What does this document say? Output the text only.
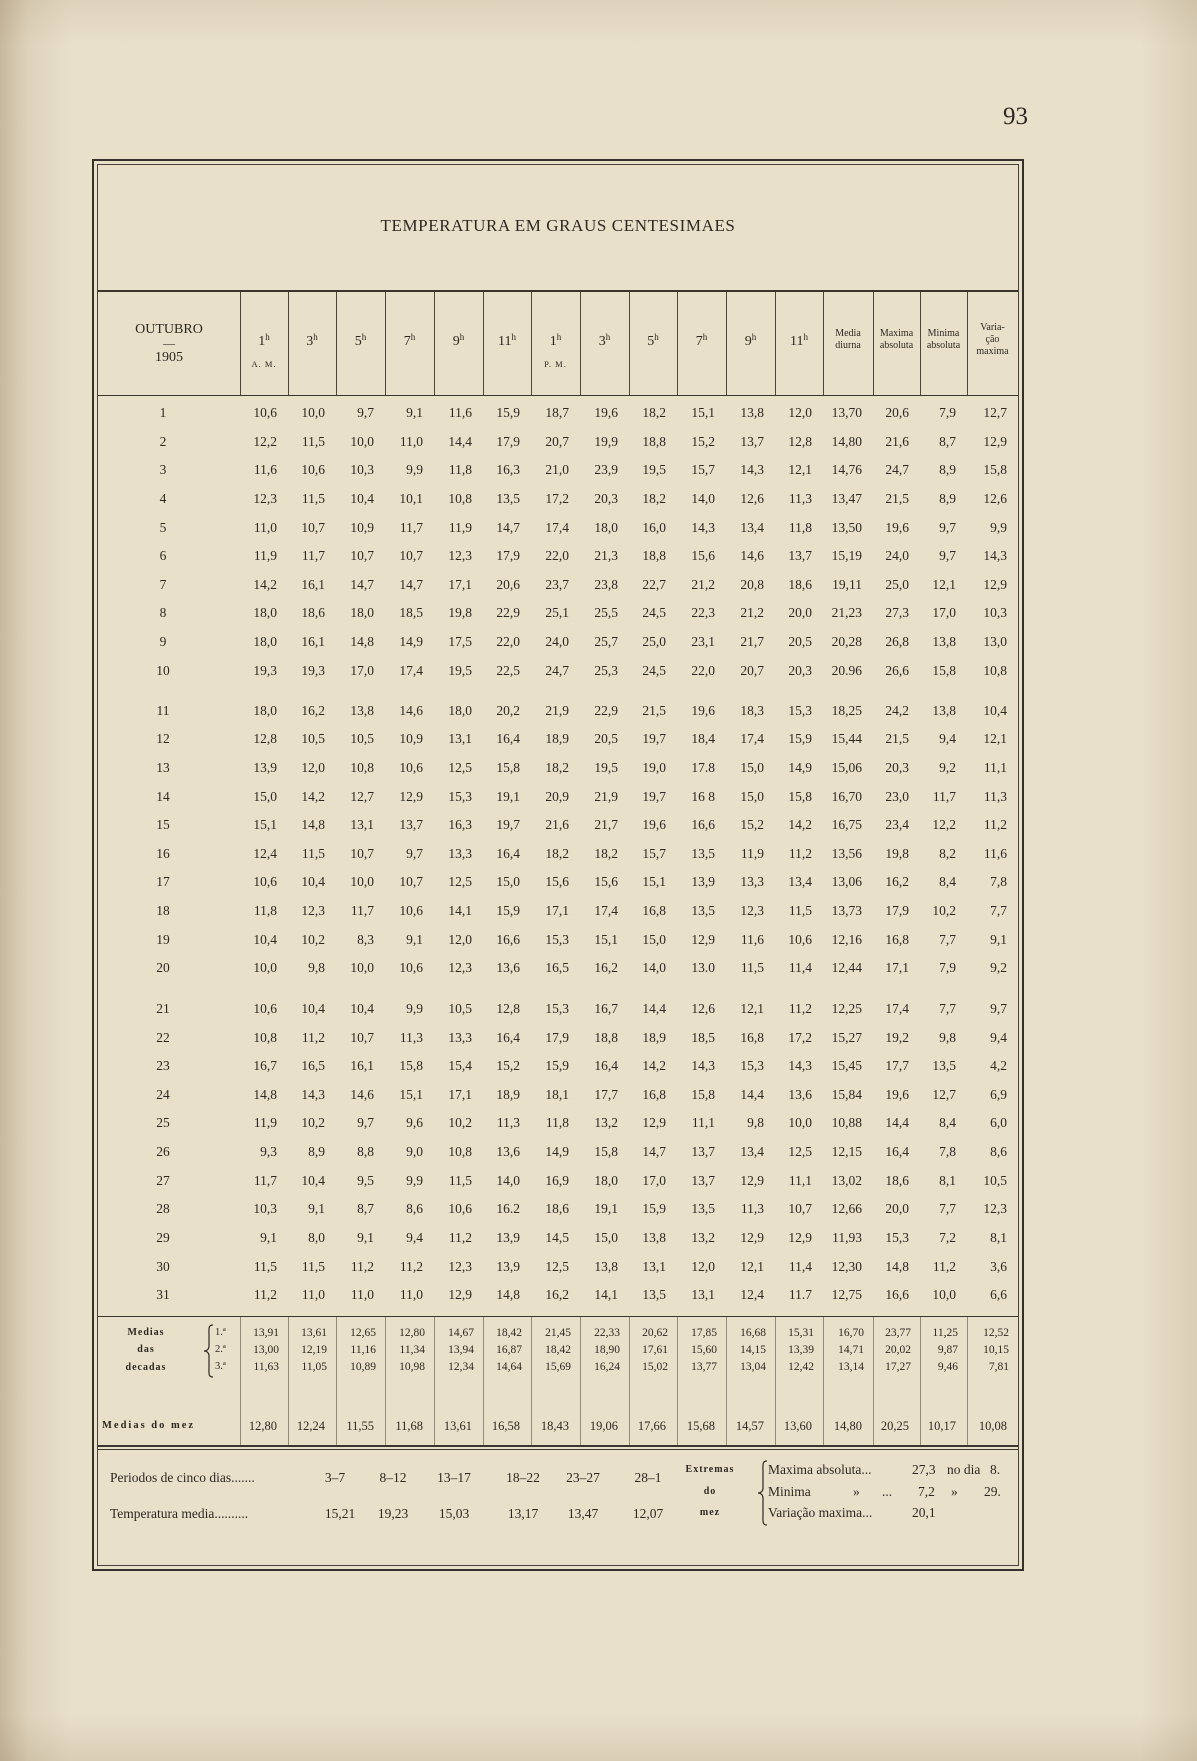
93
TEMPERATURA EM GRAUS CENTESIMAES
OUTUBRO
—
1905
1$^h$
A. M.
3$^h$	5$^h$	7$^h$	9$^h$	11$^h$	1$^h$
P. M.
3$^h$	5$^h$	7$^h$	9$^h$	11$^h$	Media
diurna
Maxima
absoluta
Minima
absoluta
Varia-
ção
maxima
1	10,6	10,0	9,7	9,1	11,6	15,9	18,7	19,6	18,2	15,1	13,8	12,0	13,70	20,6	7,9	12,7
2	12,2	11,5	10,0	11,0	14,4	17,9	20,7	19,9	18,8	15,2	13,7	12,8	14,80	21,6	8,7	12,9
3	11,6	10,6	10,3	9,9	11,8	16,3	21,0	23,9	19,5	15,7	14,3	12,1	14,76	24,7	8,9	15,8
4	12,3	11,5	10,4	10,1	10,8	13,5	17,2	20,3	18,2	14,0	12,6	11,3	13,47	21,5	8,9	12,6
5	11,0	10,7	10,9	11,7	11,9	14,7	17,4	18,0	16,0	14,3	13,4	11,8	13,50	19,6	9,7	9,9
6	11,9	11,7	10,7	10,7	12,3	17,9	22,0	21,3	18,8	15,6	14,6	13,7	15,19	24,0	9,7	14,3
7	14,2	16,1	14,7	14,7	17,1	20,6	23,7	23,8	22,7	21,2	20,8	18,6	19,11	25,0	12,1	12,9
8	18,0	18,6	18,0	18,5	19,8	22,9	25,1	25,5	24,5	22,3	21,2	20,0	21,23	27,3	17,0	10,3
9	18,0	16,1	14,8	14,9	17,5	22,0	24,0	25,7	25,0	23,1	21,7	20,5	20,28	26,8	13,8	13,0
10	19,3	19,3	17,0	17,4	19,5	22,5	24,7	25,3	24,5	22,0	20,7	20,3	20.96	26,6	15,8	10,8
11	18,0	16,2	13,8	14,6	18,0	20,2	21,9	22,9	21,5	19,6	18,3	15,3	18,25	24,2	13,8	10,4
12	12,8	10,5	10,5	10,9	13,1	16,4	18,9	20,5	19,7	18,4	17,4	15,9	15,44	21,5	9,4	12,1
13	13,9	12,0	10,8	10,6	12,5	15,8	18,2	19,5	19,0	17.8	15,0	14,9	15,06	20,3	9,2	11,1
14	15,0	14,2	12,7	12,9	15,3	19,1	20,9	21,9	19,7	16 8	15,0	15,8	16,70	23,0	11,7	11,3
15	15,1	14,8	13,1	13,7	16,3	19,7	21,6	21,7	19,6	16,6	15,2	14,2	16,75	23,4	12,2	11,2
16	12,4	11,5	10,7	9,7	13,3	16,4	18,2	18,2	15,7	13,5	11,9	11,2	13,56	19,8	8,2	11,6
17	10,6	10,4	10,0	10,7	12,5	15,0	15,6	15,6	15,1	13,9	13,3	13,4	13,06	16,2	8,4	7,8
18	11,8	12,3	11,7	10,6	14,1	15,9	17,1	17,4	16,8	13,5	12,3	11,5	13,73	17,9	10,2	7,7
19	10,4	10,2	8,3	9,1	12,0	16,6	15,3	15,1	15,0	12,9	11,6	10,6	12,16	16,8	7,7	9,1
20	10,0	9,8	10,0	10,6	12,3	13,6	16,5	16,2	14,0	13.0	11,5	11,4	12,44	17,1	7,9	9,2
21	10,6	10,4	10,4	9,9	10,5	12,8	15,3	16,7	14,4	12,6	12,1	11,2	12,25	17,4	7,7	9,7
22	10,8	11,2	10,7	11,3	13,3	16,4	17,9	18,8	18,9	18,5	16,8	17,2	15,27	19,2	9,8	9,4
23	16,7	16,5	16,1	15,8	15,4	15,2	15,9	16,4	14,2	14,3	15,3	14,3	15,45	17,7	13,5	4,2
24	14,8	14,3	14,6	15,1	17,1	18,9	18,1	17,7	16,8	15,8	14,4	13,6	15,84	19,6	12,7	6,9
25	11,9	10,2	9,7	9,6	10,2	11,3	11,8	13,2	12,9	11,1	9,8	10,0	10,88	14,4	8,4	6,0
26	9,3	8,9	8,8	9,0	10,8	13,6	14,9	15,8	14,7	13,7	13,4	12,5	12,15	16,4	7,8	8,6
27	11,7	10,4	9,5	9,9	11,5	14,0	16,9	18,0	17,0	13,7	12,9	11,1	13,02	18,6	8,1	10,5
28	10,3	9,1	8,7	8,6	10,6	16.2	18,6	19,1	15,9	13,5	11,3	10,7	12,66	20,0	7,7	12,3
29	9,1	8,0	9,1	9,4	11,2	13,9	14,5	15,0	13,8	13,2	12,9	12,9	11,93	15,3	7,2	8,1
30	11,5	11,5	11,2	11,2	12,3	13,9	12,5	13,8	13,1	12,0	12,1	11,4	12,30	14,8	11,2	3,6
31	11,2	11,0	11,0	11,0	12,9	14,8	16,2	14,1	13,5	13,1	12,4	11.7	12,75	16,6	10,0	6,6
1.ª	13,91	13,61	12,65	12,80	14,67	18,42	21,45	22,33	20,62	17,85	16,68	15,31	16,70	23,77	11,25	12,52
2.ª	13,00	12,19	11,16	11,34	13,94	16,87	18,42	18,90	17,61	15,60	14,15	13,39	14,71	20,02	9,87	10,15
3.ª	11,63	11,05	10,89	10,98	12,34	14,64	15,69	16,24	15,02	13,77	13,04	12,42	13,14	17,27	9,46	7,81
12,80	12,24	11,55	11,68	13,61	16,58	18,43	19,06	17,66	15,68	14,57	13,60	14,80	20,25	10,17	10,08
Medias
das
decadas
Medias do mez
Periodos de cinco dias.......
Temperatura media..........
3–7	8–12	13–17	18–22	23–27	28–1
15,21	19,23	15,03	13,17	13,47	12,07
Extremas
do
mez
Maxima absoluta...	27,3 no dia 8.
Minima	» ... 7,2 » 29.
Variação maxima...	20,1
